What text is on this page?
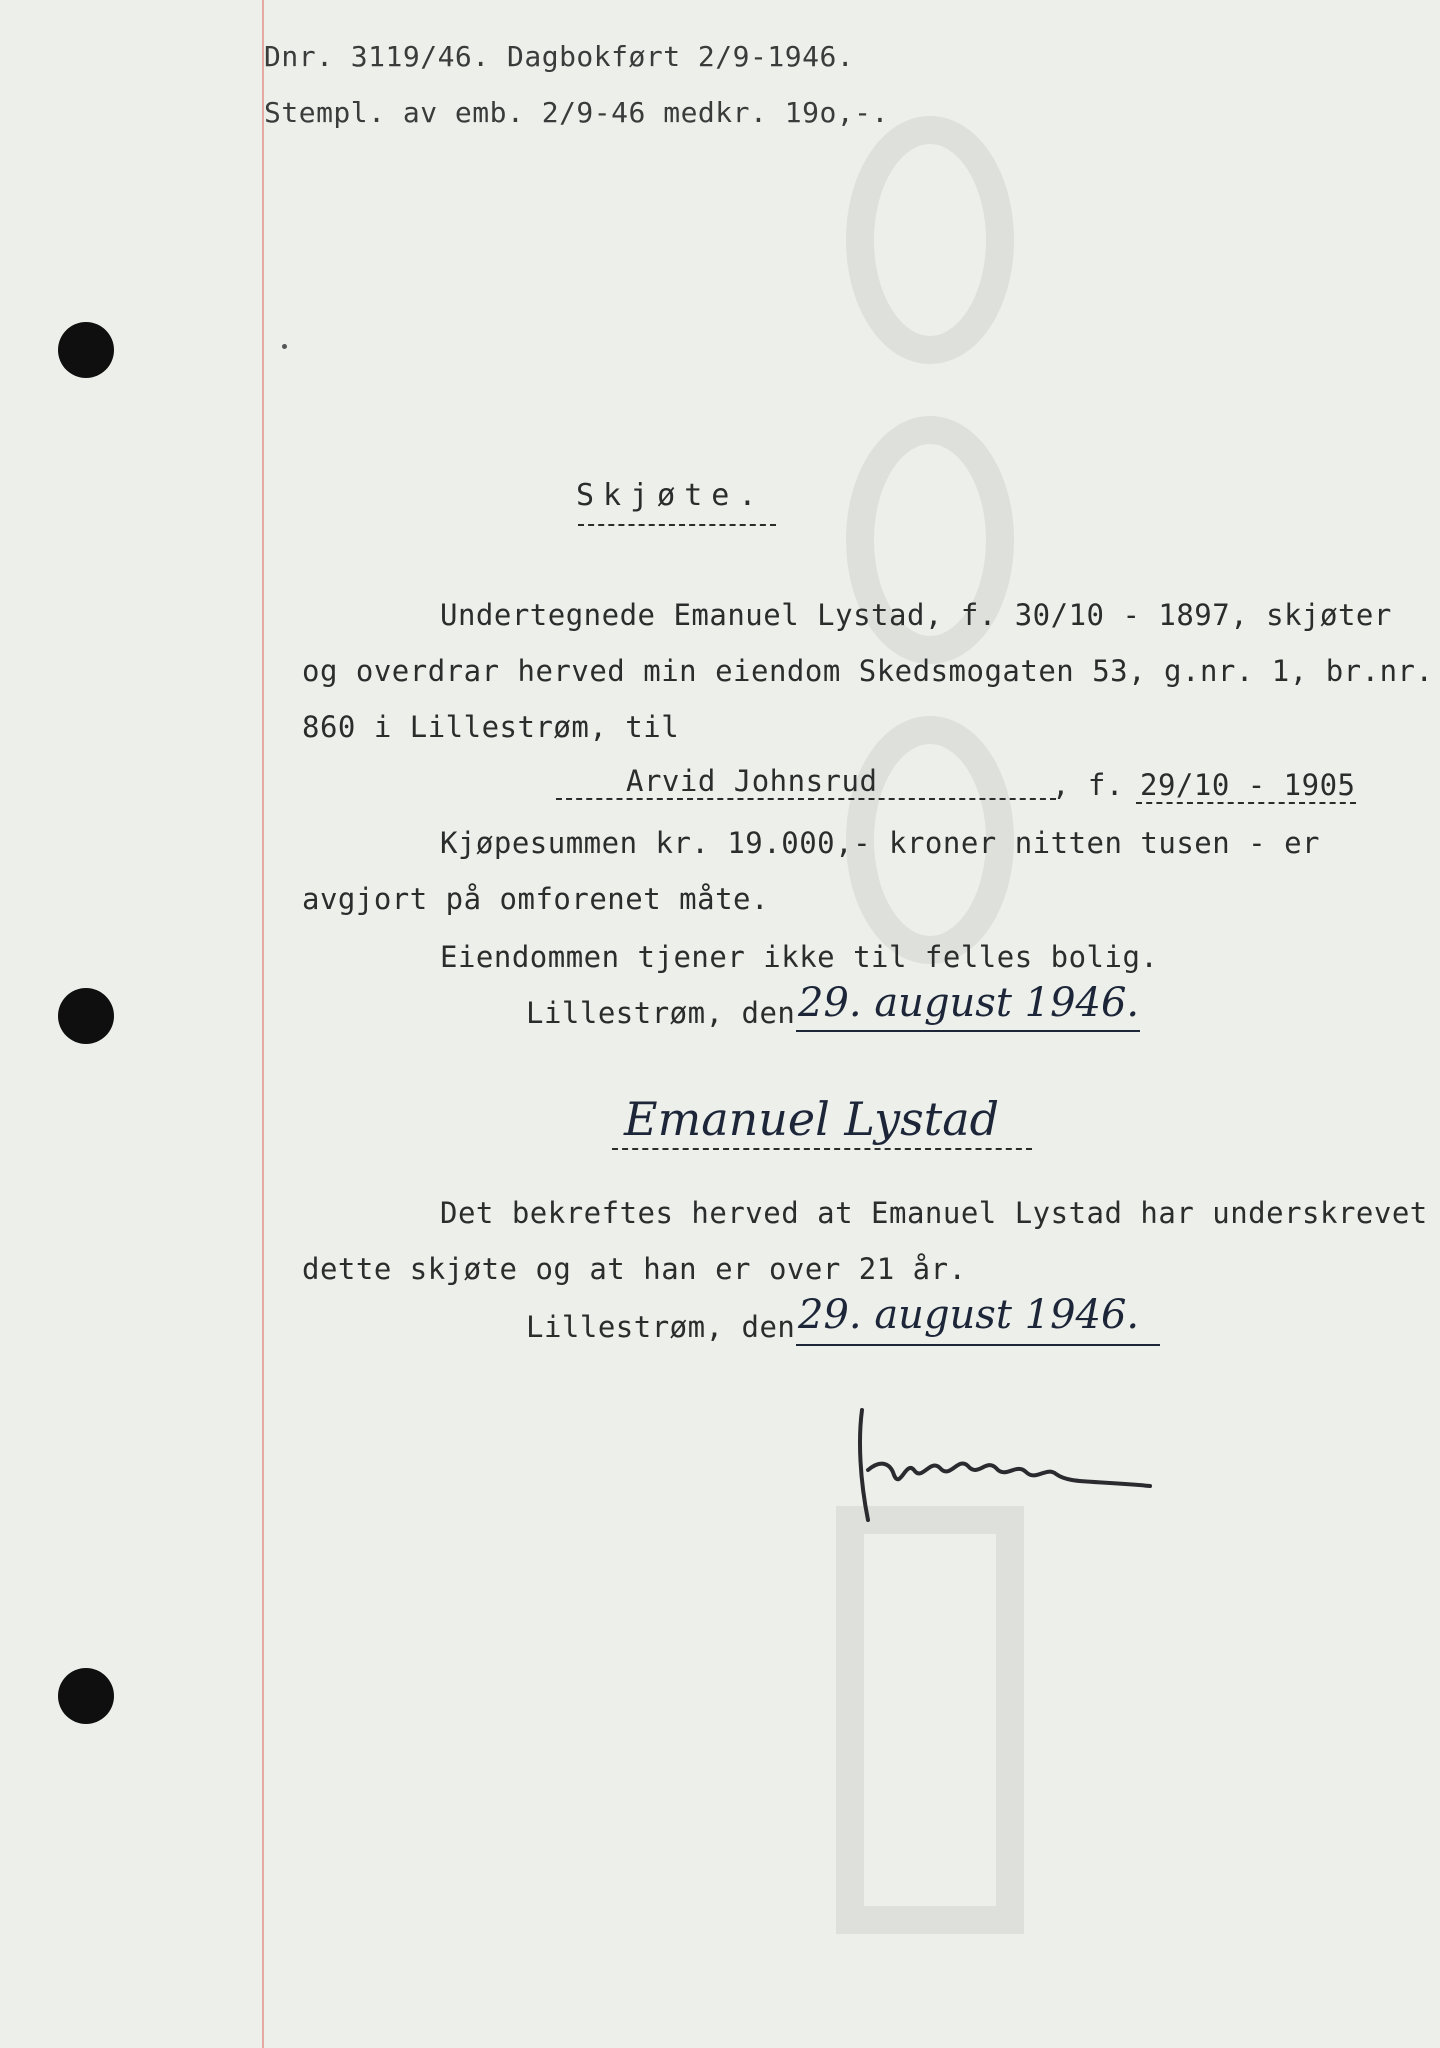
Dnr. 3119/46. Dagbokført 2/9-1946.
Stempl. av emb. 2/9-46 medkr. 19o,-.
Skjøte.
Undertegnede Emanuel Lystad, f. 30/10 - 1897, skjøter
og overdrar herved min eiendom Skedsmogaten 53, g.nr. 1, br.nr.
860 i Lillestrøm, til
Arvid Johnsrud	, f. 29/10 - 1905
Kjøpesummen kr. 19.000,- kroner nitten tusen - er
avgjort på omforenet måte.
Eiendommen tjener ikke til felles bolig.
Lillestrøm, den 29. august 1946.
Emanuel Lystad
Det bekreftes herved at Emanuel Lystad har underskrevet
dette skjøte og at han er over 21 år.
Lillestrøm, den 29. august 1946.
